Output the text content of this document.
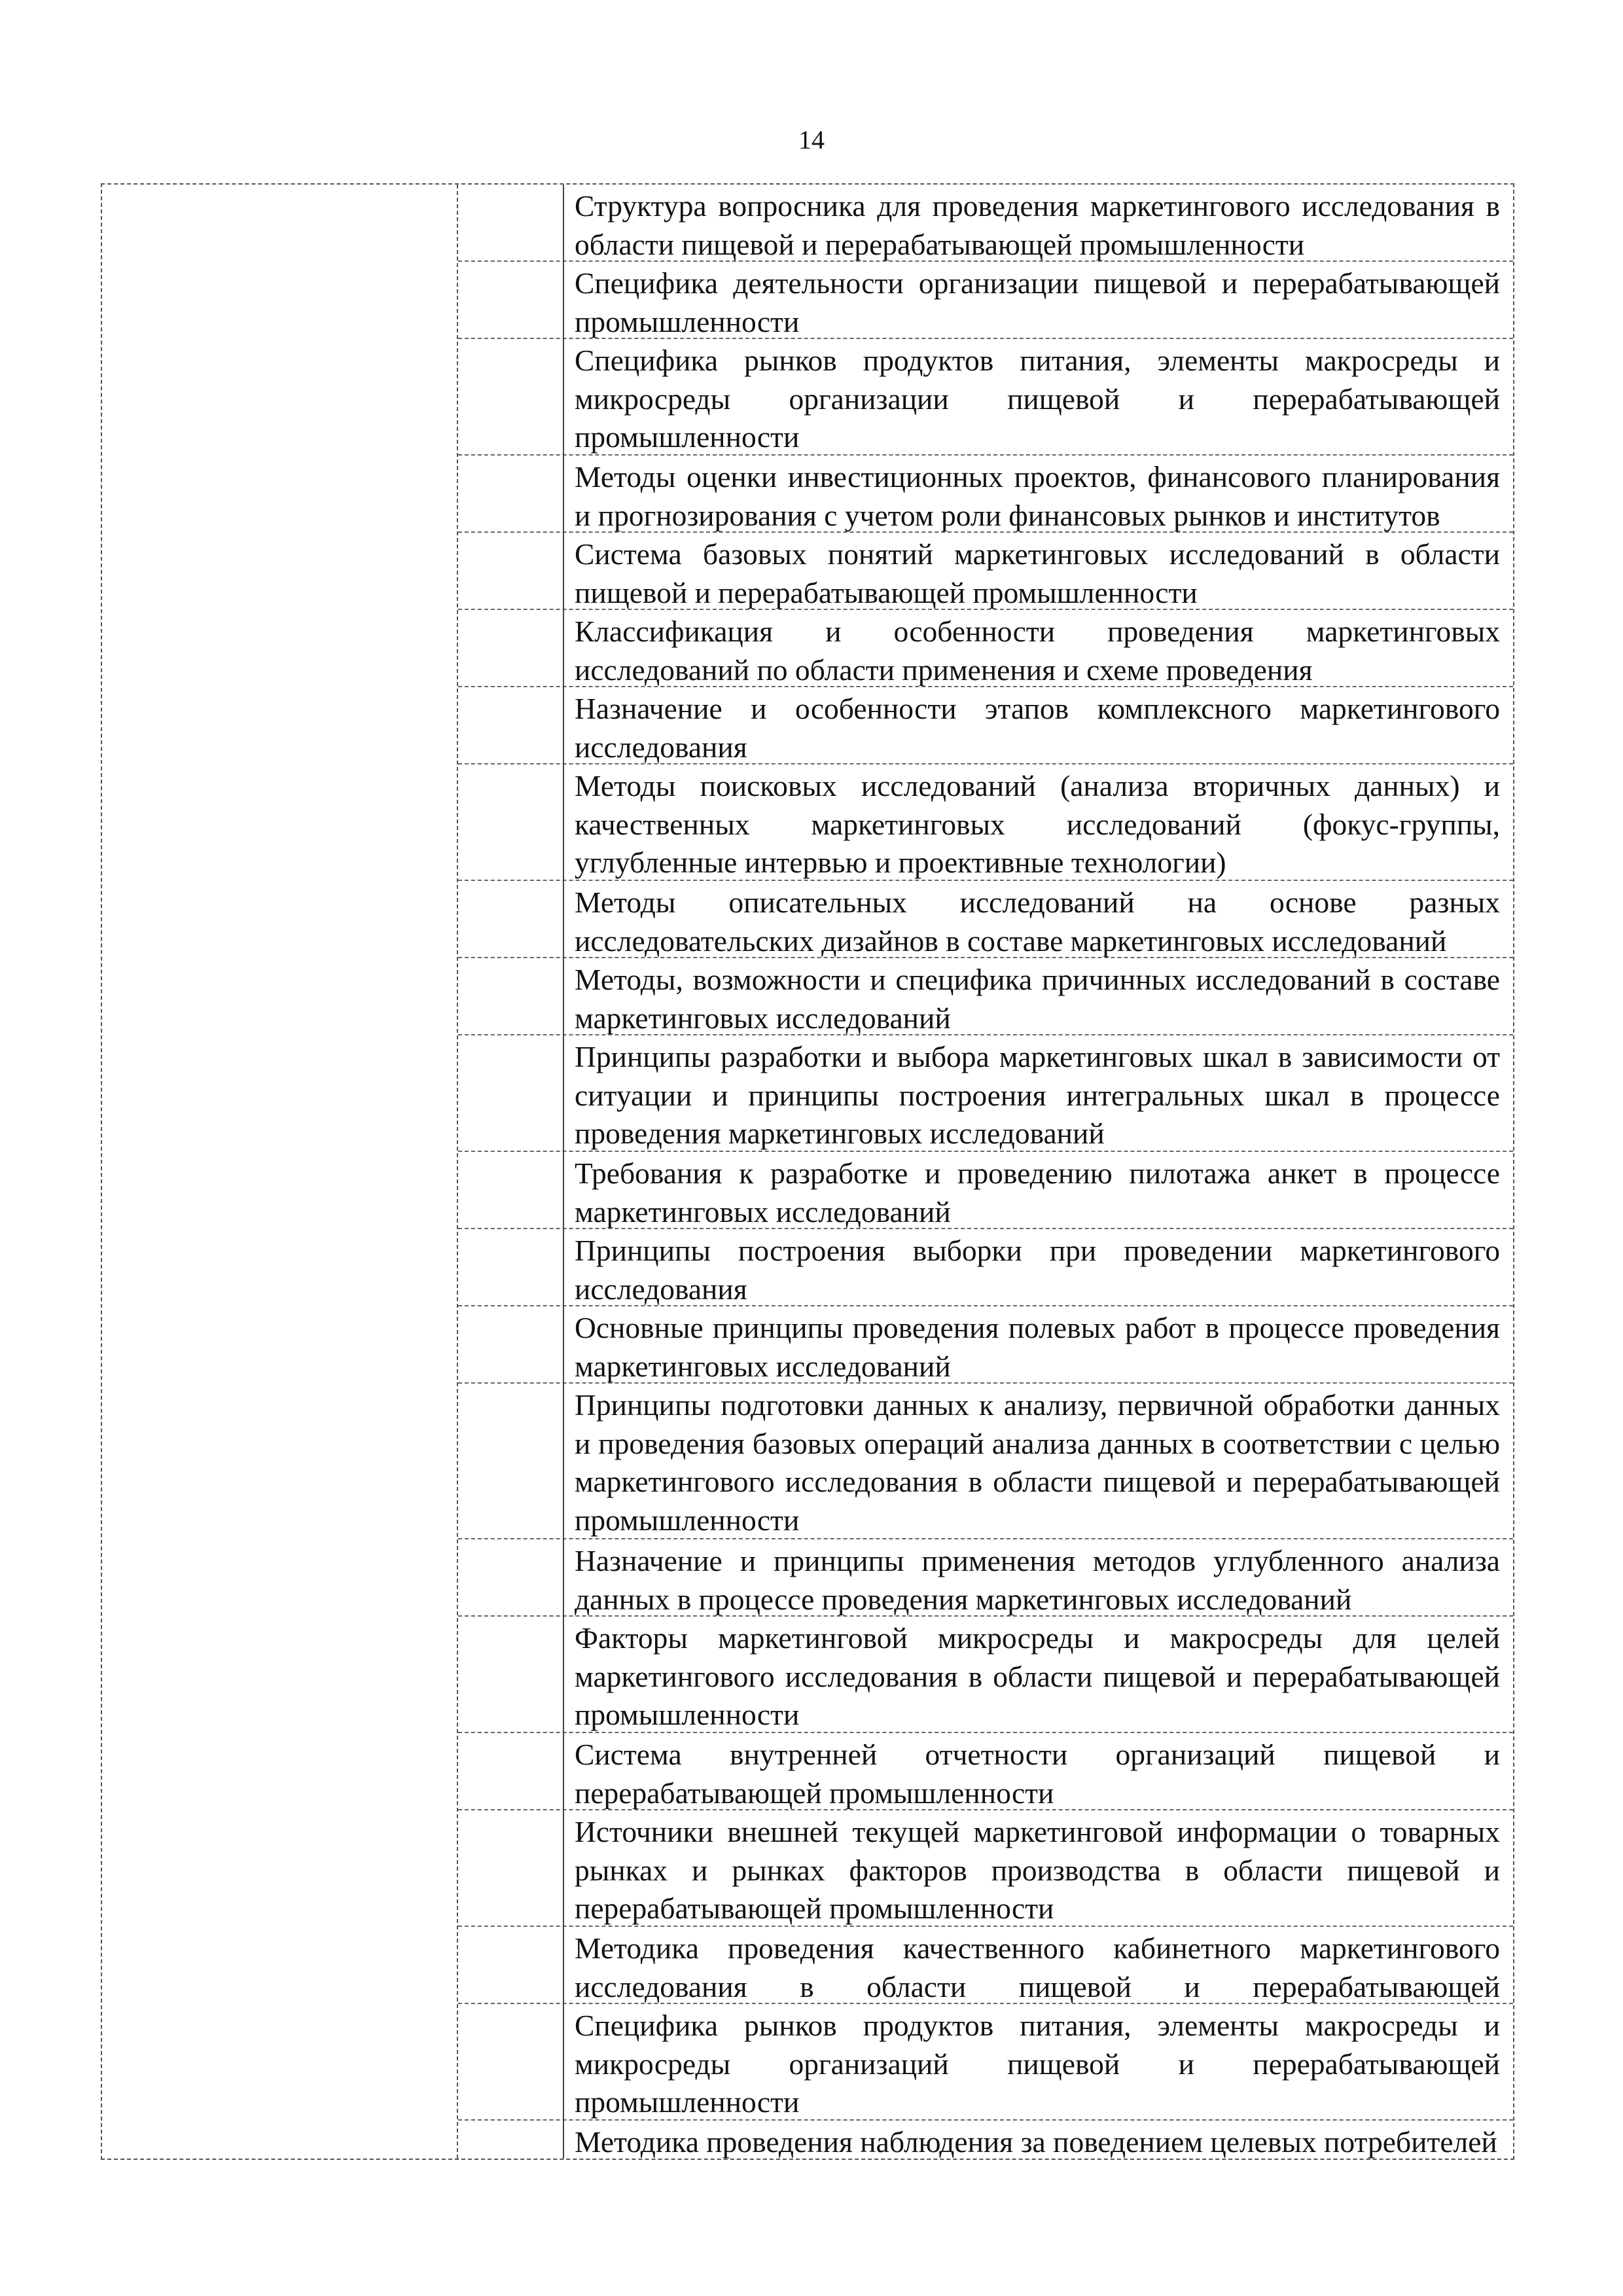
14
Структура вопросника для проведения маркетингового исследования в области пищевой и перерабатывающей промышленности
Специфика деятельности организации пищевой и перерабатывающей промышленности
Специфика рынков продуктов питания, элементы макросреды и микросреды организации пищевой и перерабатывающей промышленности
Методы оценки инвестиционных проектов, финансового планирования и прогнозирования с учетом роли финансовых рынков и институтов
Система базовых понятий маркетинговых исследований в области пищевой и перерабатывающей промышленности
Классификация и особенности проведения маркетинговых исследований по области применения и схеме проведения
Назначение и особенности этапов комплексного маркетингового исследования
Методы поисковых исследований (анализа вторичных данных) и качественных маркетинговых исследований (фокус-группы, углубленные интервью и проективные технологии)
Методы описательных исследований на основе разных исследовательских дизайнов в составе маркетинговых исследований
Методы, возможности и специфика причинных исследований в составе маркетинговых исследований
Принципы разработки и выбора маркетинговых шкал в зависимости от ситуации и принципы построения интегральных шкал в процессе проведения маркетинговых исследований
Требования к разработке и проведению пилотажа анкет в процессе маркетинговых исследований
Принципы построения выборки при проведении маркетингового исследования
Основные принципы проведения полевых работ в процессе проведения маркетинговых исследований
Принципы подготовки данных к анализу, первичной обработки данных и проведения базовых операций анализа данных в соответствии с целью маркетингового исследования в области пищевой и перерабатывающей промышленности
Назначение и принципы применения методов углубленного анализа данных в процессе проведения маркетинговых исследований
Факторы маркетинговой микросреды и макросреды для целей маркетингового исследования в области пищевой и перерабатывающей промышленности
Система внутренней отчетности организаций пищевой и перерабатывающей промышленности
Источники внешней текущей маркетинговой информации о товарных рынках и рынках факторов производства в области пищевой и перерабатывающей промышленности
Методика проведения качественного кабинетного маркетингового исследования в области пищевой и перерабатывающей
Специфика рынков продуктов питания, элементы макросреды и микросреды организаций пищевой и перерабатывающей промышленности
Методика проведения наблюдения за поведением целевых потребителей
